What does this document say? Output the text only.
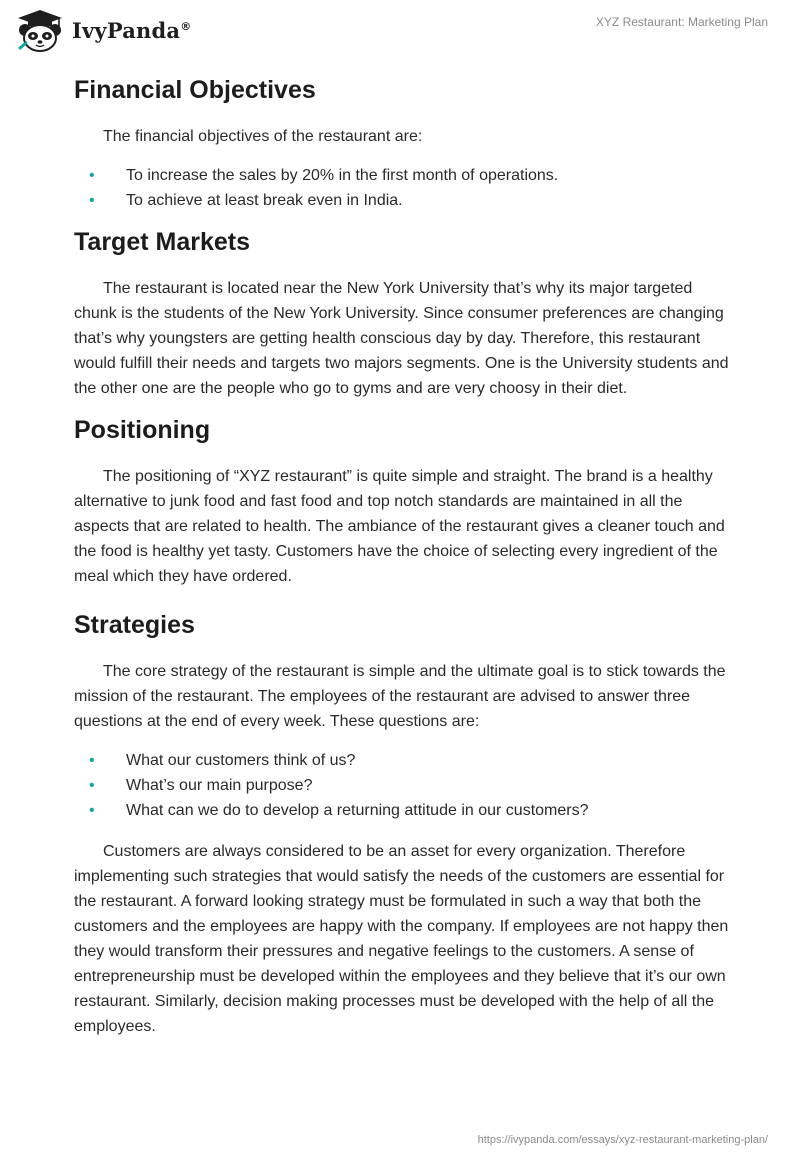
IvyPanda®	XYZ Restaurant: Marketing Plan
Financial Objectives

The financial objectives of the restaurant are:

• To increase the sales by 20% in the first month of operations.
• To achieve at least break even in India.
Target Markets

The restaurant is located near the New York University that’s why its major targeted chunk is the students of the New York University. Since consumer preferences are changing that’s why youngsters are getting health conscious day by day. Therefore, this restaurant would fulfill their needs and targets two majors segments. One is the University students and the other one are the people who go to gyms and are very choosy in their diet.

Positioning

The positioning of “XYZ restaurant” is quite simple and straight. The brand is a healthy alternative to junk food and fast food and top notch standards are maintained in all the aspects that are related to health. The ambiance of the restaurant gives a cleaner touch and the food is healthy yet tasty. Customers have the choice of selecting every ingredient of the meal which they have ordered.

Strategies

The core strategy of the restaurant is simple and the ultimate goal is to stick towards the mission of the restaurant. The employees of the restaurant are advised to answer three questions at the end of every week. These questions are:

• What our customers think of us?
• What’s our main purpose?
• What can we do to develop a returning attitude in our customers?

Customers are always considered to be an asset for every organization. Therefore implementing such strategies that would satisfy the needs of the customers are essential for the restaurant. A forward looking strategy must be formulated in such a way that both the customers and the employees are happy with the company. If employees are not happy then they would transform their pressures and negative feelings to the customers. A sense of entrepreneurship must be developed within the employees and they believe that it’s our own restaurant. Similarly, decision making processes must be developed with the help of all the employees.

https://ivypanda.com/essays/xyz-restaurant-marketing-plan/
